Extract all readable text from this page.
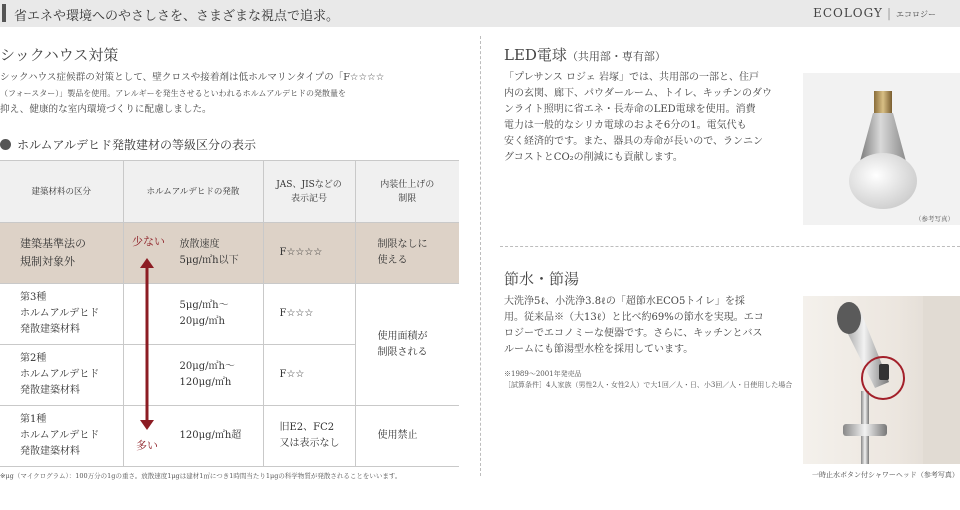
省エネや環境へのやさしさを、さまざまな視点で追求。	ECOLOGY | エコロジー
シックハウス対策
シックハウス症候群の対策として、壁クロスや接着剤は低ホルマリンタイプの「F☆☆☆☆
（フォースター）」製品を使用。アレルギーを発生させるといわれるホルムアルデヒドの発散量を
抑え、健康的な室内環境づくりに配慮しました。
ホルムアルデヒド発散建材の等級区分の表示
建築材料の区分	ホルムアルデヒドの発散	JAS、JISなどの
表示記号	内装仕上げの
制限
建築基準法の
規制対象外	放散速度
5μg/㎡h以下	F☆☆☆☆	制限なしに
使える
第3種
ホルムアルデヒド
発散建築材料	5μg/㎡h〜
20μg/㎡h	F☆☆☆	使用面積が
制限される
第2種
ホルムアルデヒド
発散建築材料	20μg/㎡h〜
120μg/㎡h	F☆☆	
第1種
ホルムアルデヒド
発散建築材料	120μg/㎡h超	旧E2、FC2
又は表示なし	使用禁止
少ない
多い
※μg（マイクログラム）：100万分の1gの重さ。放散速度1μgは建材1㎡につき1時間当たり1μgの科学物質が発散されることをいいます。
LED電球（共用部・専有部）
「プレサンス ロジェ 岩塚」では、共用部の一部と、住戸
内の玄関、廊下、パウダールーム、トイレ、キッチンのダウ
ンライト照明に省エネ・長寿命のLED電球を使用。消費
電力は一般的なシリカ電球のおよそ6分の1。電気代も
安く経済的です。また、器具の寿命が長いので、ランニン
グコストとCO₂の削減にも貢献します。
（参考写真）
節水・節湯
大洗浄5ℓ、小洗浄3.8ℓの「超節水ECO5トイレ」を採
用。従来品※（大13ℓ）と比べ約69%の節水を実現。エコ
ロジーでエコノミーな便器です。さらに、キッチンとバス
ルームにも節湯型水栓を採用しています。
※1989〜2001年発売品
［試算条件］4人家族（男性2人・女性2人）で大1回／人・日、小3回／人・日使用した場合
一時止水ボタン付シャワーヘッド（参考写真）
